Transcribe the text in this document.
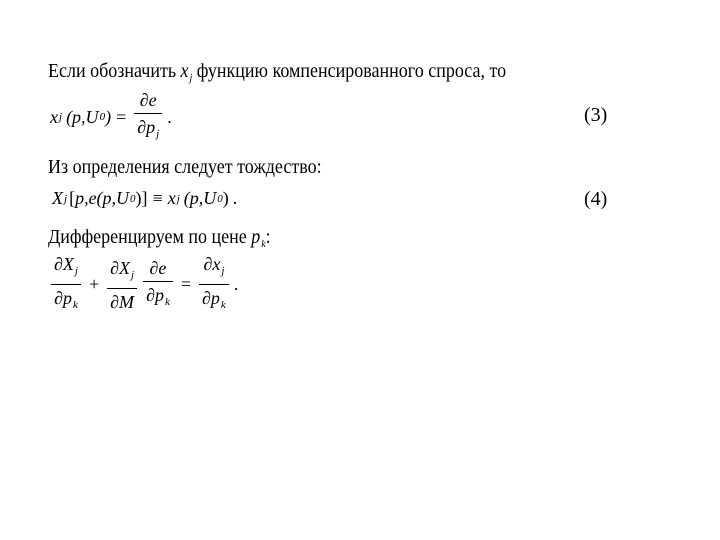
Если обозначить $x_j$ функцию компенсированного спроса, то
x j (p,U 0 ) = $\frac{\partial e}{\partial p_j}$ .	(3)
Из определения следует тождество:
X j [ p,e(p,U 0 )] ≡ x j (p,U 0 ) .	(4)
Дифференцируем по цене $p_k$:
$\frac{\partial X_j}{\partial p_k} + \frac{\partial X_j}{\partial M} \frac{\partial e}{\partial p_k} = \frac{\partial x_j}{\partial p_k}$ .
